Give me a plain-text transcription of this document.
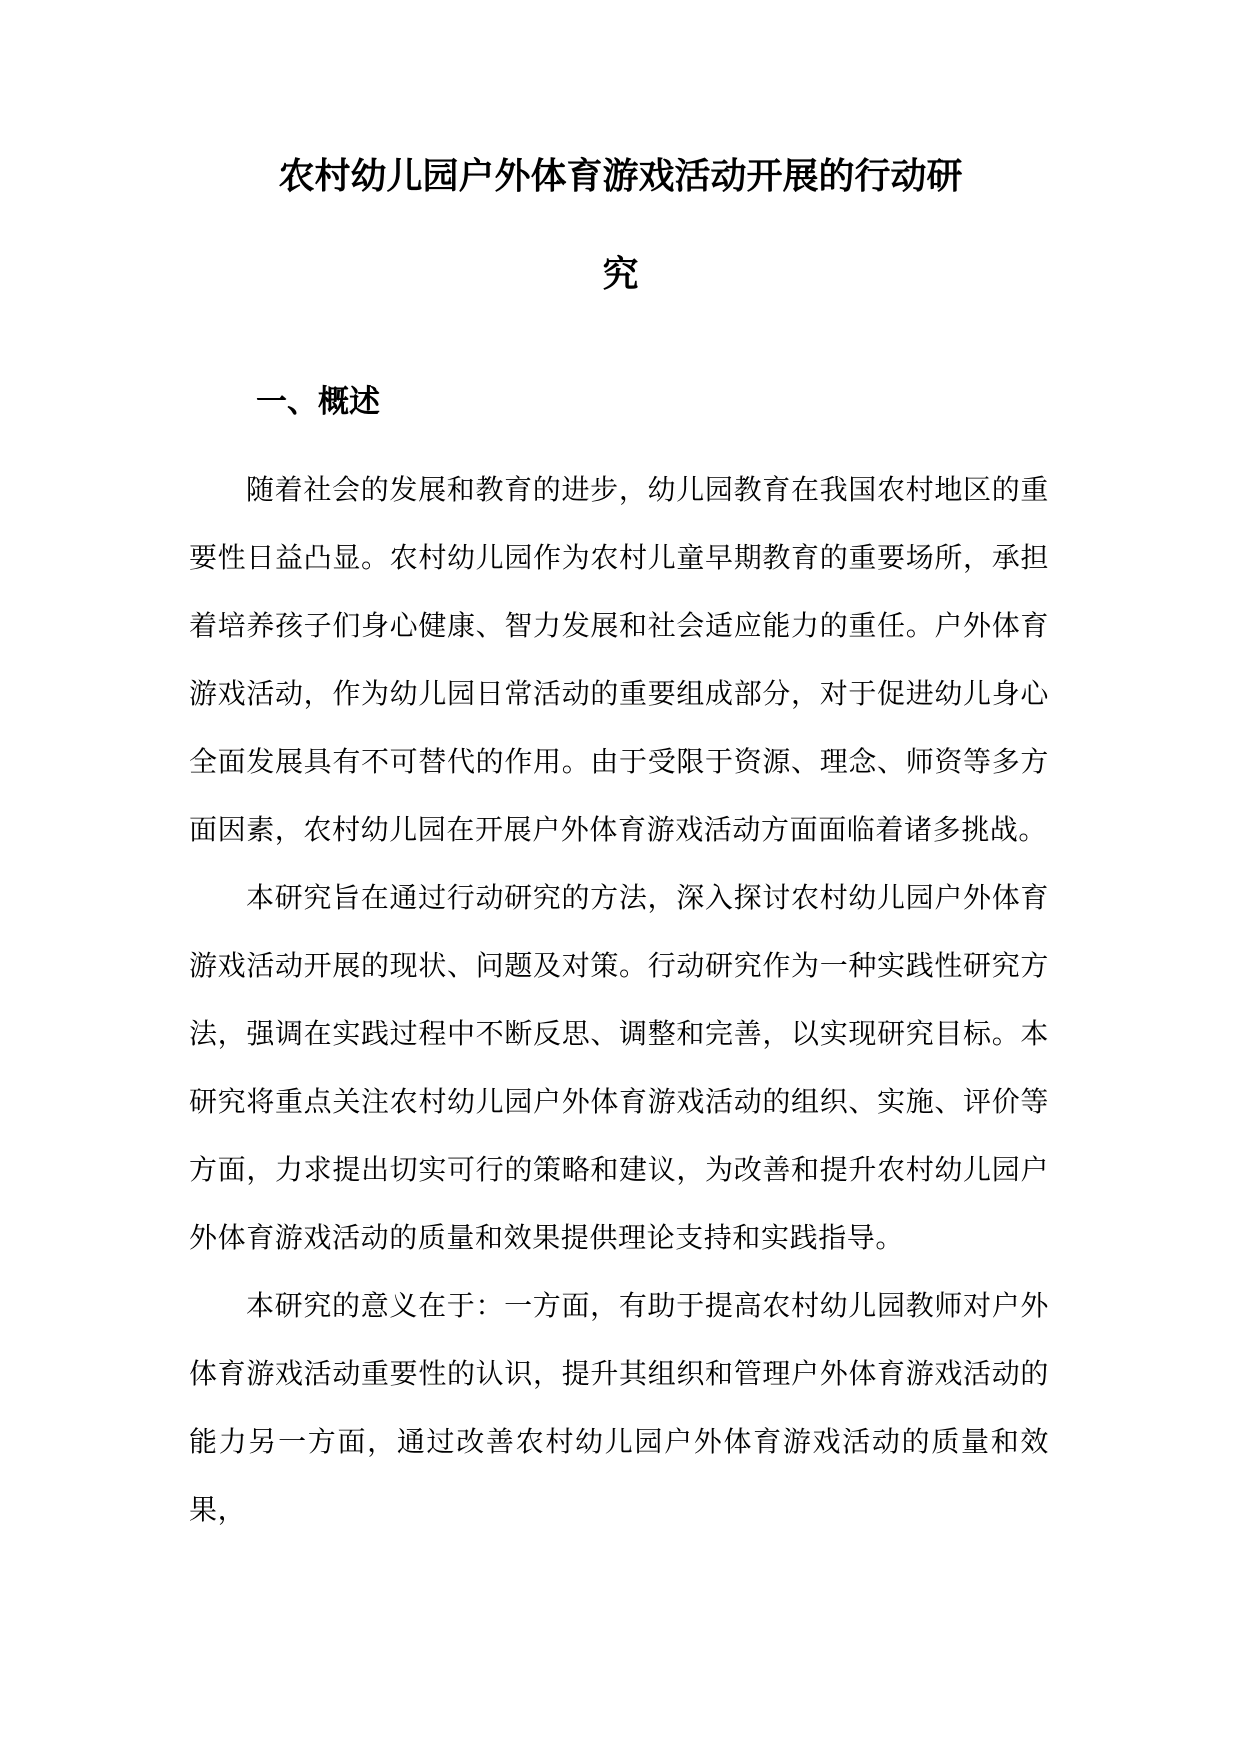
农村幼儿园户外体育游戏活动开展的行动研
究
一、概述

随着社会的发展和教育的进步，幼儿园教育在我国农村地区的重要性日益凸显。农村幼儿园作为农村儿童早期教育的重要场所，承担着培养孩子们身心健康、智力发展和社会适应能力的重任。户外体育游戏活动，作为幼儿园日常活动的重要组成部分，对于促进幼儿身心全面发展具有不可替代的作用。由于受限于资源、理念、师资等多方面因素，农村幼儿园在开展户外体育游戏活动方面面临着诸多挑战。

本研究旨在通过行动研究的方法，深入探讨农村幼儿园户外体育游戏活动开展的现状、问题及对策。行动研究作为一种实践性研究方法，强调在实践过程中不断反思、调整和完善，以实现研究目标。本研究将重点关注农村幼儿园户外体育游戏活动的组织、实施、评价等方面，力求提出切实可行的策略和建议，为改善和提升农村幼儿园户外体育游戏活动的质量和效果提供理论支持和实践指导。

本研究的意义在于：一方面，有助于提高农村幼儿园教师对户外体育游戏活动重要性的认识，提升其组织和管理户外体育游戏活动的能力另一方面，通过改善农村幼儿园户外体育游戏活动的质量和效果，
